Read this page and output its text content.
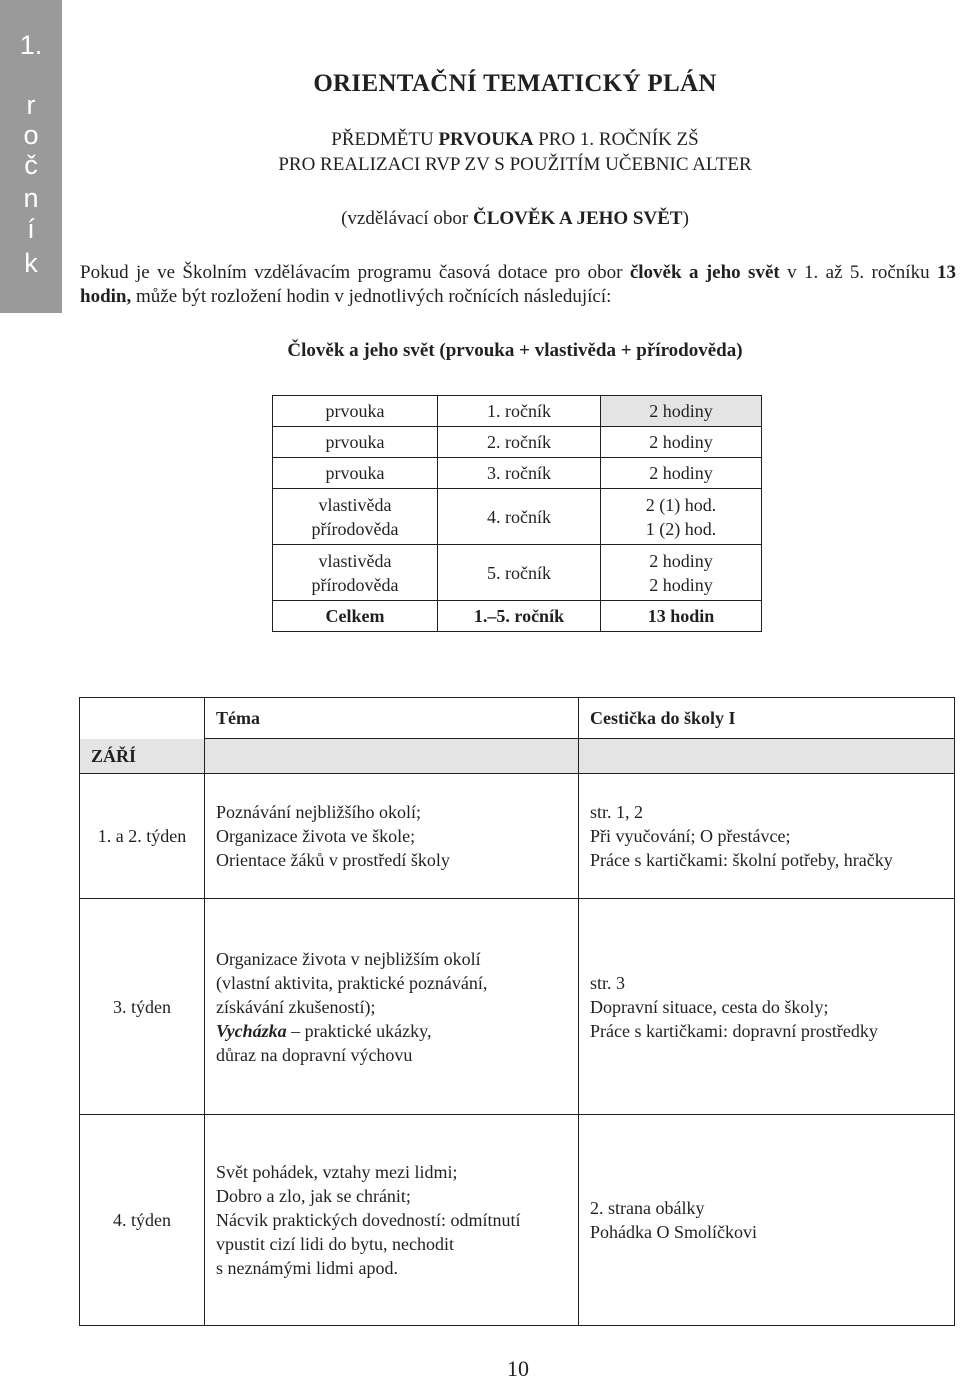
1.
r
o
č
n
í
k
ORIENTAČNÍ TEMATICKÝ PLÁN
PŘEDMĚTU PRVOUKA PRO 1. ROČNÍK ZŠ
PRO REALIZACI RVP ZV S POUŽITÍM UČEBNIC ALTER
(vzdělávací obor ČLOVĚK A JEHO SVĚT)
Pokud je ve Školním vzdělávacím programu časová dotace pro obor člověk a jeho svět v 1. až 5. ročníku 13 hodin, může být rozložení hodin v jednotlivých ročnících následující:
Člověk a jeho svět (prvouka + vlastivěda + přírodověda)
prvouka	1. ročník	2 hodiny
prvouka	2. ročník	2 hodiny
prvouka	3. ročník	2 hodiny
vlastivěda
přírodověda	4. ročník	2 (1) hod.
1 (2) hod.
vlastivěda
přírodověda	5. ročník	2 hodiny
2 hodiny
Celkem	1.–5. ročník	13 hodin
	Téma	Cestička do školy I
ZÁŘÍ		
1. a 2. týden	Poznávání nejbližšího okolí;
Organizace života ve škole;
Orientace žáků v prostředí školy	str. 1, 2
Při vyučování; O přestávce;
Práce s kartičkami: školní potřeby, hračky
3. týden	Organizace života v nejbližším okolí
(vlastní aktivita, praktické poznávání,
získávání zkušeností);
Vycházka – praktické ukázky,
důraz na dopravní výchovu	str. 3
Dopravní situace, cesta do školy;
Práce s kartičkami: dopravní prostředky
4. týden	Svět pohádek, vztahy mezi lidmi;
Dobro a zlo, jak se chránit;
Nácvik praktických dovedností: odmítnutí
vpustit cizí lidi do bytu, nechodit
s neznámými lidmi apod.	2. strana obálky
Pohádka O Smolíčkovi
10
